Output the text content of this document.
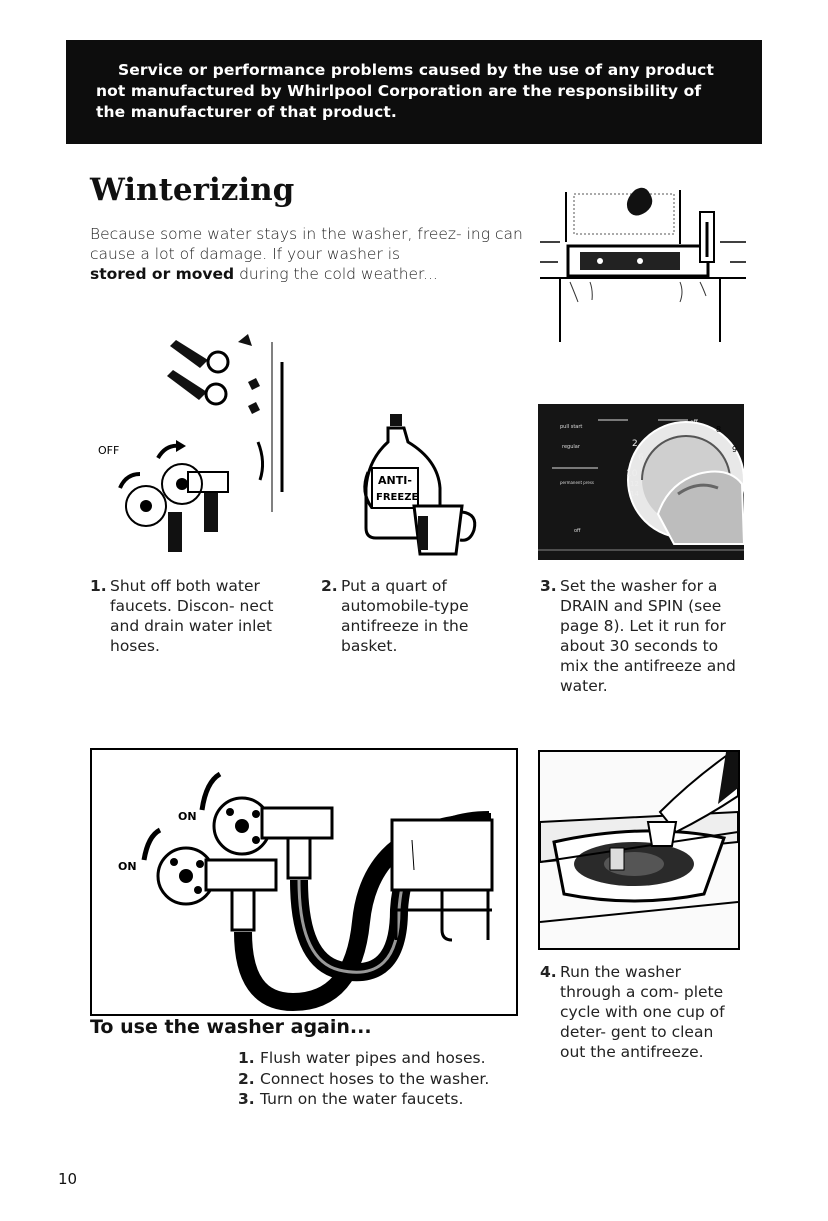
Service or performance problems caused by the use of any product

not manufactured by Whirlpool Corporation are the responsibility of

the manufacturer of that product.

Winterizing
Because some water stays in the washer, freez- ing can cause a lot of damage. If your washer is
stored or moved during the cold weather...
OFF
ANTI-
FREEZE
pull start
regular
permanent press
off
8
9
2
6
10
12
14
1. Shut off both water faucets. Discon- nect and drain water inlet hoses.
2. Put a quart of automobile-type antifreeze in the basket.
3. Set the washer for a DRAIN and SPIN (see page 8). Let it run for about 30 seconds to mix the antifreeze and water.
ON
ON
4. Run the washer through a com- plete cycle with one cup of deter- gent to clean out the antifreeze.
To use the washer again...
1. Flush water pipes and hoses.
2. Connect hoses to the washer.
3. Turn on the water faucets.
10
